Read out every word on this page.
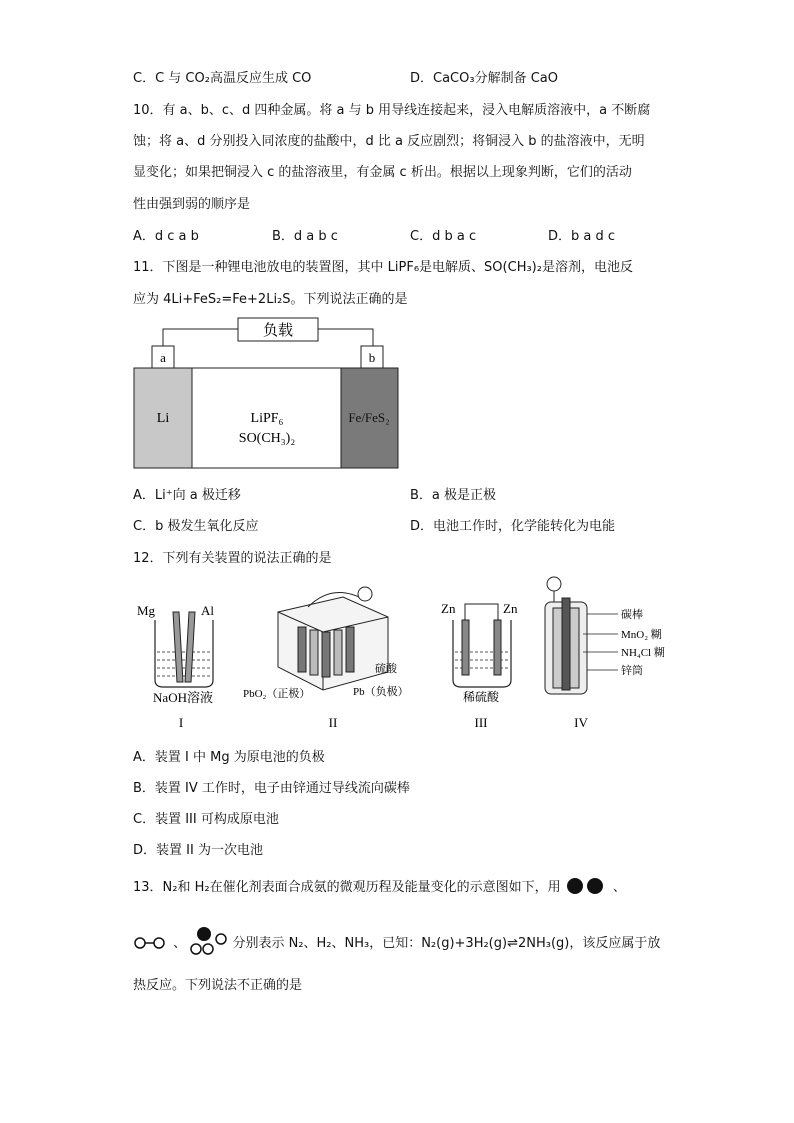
C．C 与 CO₂高温反应生成 CO	D．CaCO₃分解制备 CaO
10．有 a、b、c、d 四种金属。将 a 与 b 用导线连接起来，浸入电解质溶液中，a 不断腐
蚀；将 a、d 分别投入同浓度的盐酸中，d 比 a 反应剧烈；将铜浸入 b 的盐溶液中，无明
显变化；如果把铜浸入 c 的盐溶液里，有金属 c 析出。根据以上现象判断，它们的活动
性由强到弱的顺序是
A．d c a b	B．d a b c	C．d b a c	D．b a d c
11．下图是一种锂电池放电的装置图，其中 LiPF₆是电解质、SO(CH₃)₂是溶剂，电池反
应为 4Li+FeS₂=Fe+2Li₂S。下列说法正确的是
负载
a	b
Li	LiPF₆
SO(CH₃)₂
Fe/FeS₂
A．Li⁺向 a 极迁移	B．a 极是正极
C．b 极发生氧化反应	D．电池工作时，化学能转化为电能
12．下列有关装置的说法正确的是
Mg	Al
NaOH溶液
I
PbO₂（正极）	Pb（负极）
硫酸
II
Zn	Zn
稀硫酸
III
碳棒
MnO₂ 糊
NH₄Cl 糊
锌筒
IV
A．装置 I 中 Mg 为原电池的负极
B．装置 IV 工作时，电子由锌通过导线流向碳棒
C．装置 III 可构成原电池
D．装置 II 为一次电池
13．N₂和 H₂在催化剂表面合成氨的微观历程及能量变化的示意图如下，用	、
、	分别表示 N₂、H₂、NH₃，已知：N₂(g)+3H₂(g)⇌2NH₃(g)，该反应属于放
热反应。下列说法不正确的是
